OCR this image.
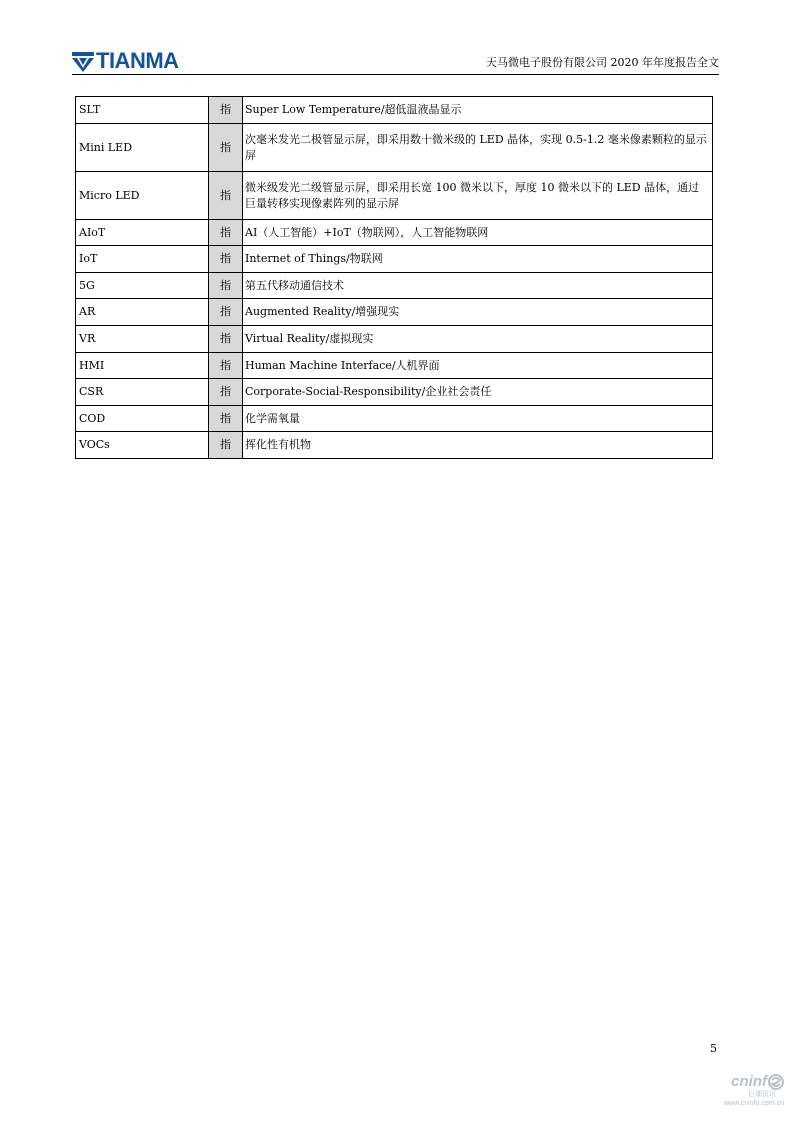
TIANMA	天马微电子股份有限公司 2020 年年度报告全文
SLT	指	Super Low Temperature/超低温液晶显示
Mini LED	指	次毫米发光二极管显示屏，即采用数十微米级的 LED 晶体，实现 0.5-1.2 毫米像素颗粒的显示屏
Micro LED	指	微米级发光二级管显示屏，即采用长宽 100 微米以下，厚度 10 微米以下的 LED 晶体，通过巨量转移实现像素阵列的显示屏
AIoT	指	AI（人工智能）+IoT（物联网），人工智能物联网
IoT	指	Internet of Things/物联网
5G	指	第五代移动通信技术
AR	指	Augmented Reality/增强现实
VR	指	Virtual Reality/虚拟现实
HMI	指	Human Machine Interface/人机界面
CSR	指	Corporate-Social-Responsibility/企业社会责任
COD	指	化学需氧量
VOCs	指	挥化性有机物
5
cninf
巨潮资讯
www.cninfo.com.cn
